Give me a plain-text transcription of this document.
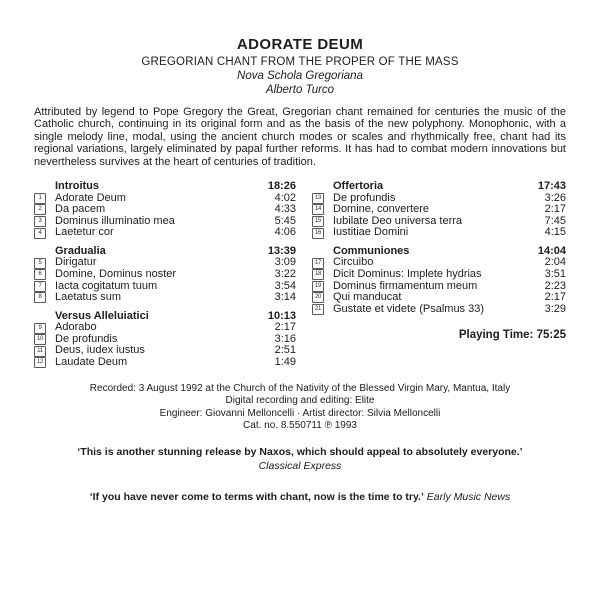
ADORATE DEUM
GREGORIAN CHANT FROM THE PROPER OF THE MASS
Nova Schola Gregoriana
Alberto Turco

Attributed by legend to Pope Gregory the Great, Gregorian chant remained for centuries the music of the Catholic church, continuing in its original form and as the basis of the new polyphony. Monophonic, with a single melody line, modal, using the ancient church modes or scales and rhythmically free, chant had its regional variations, largely eliminated by papal further reforms. It has had to combat modern innovations but nevertheless survives at the heart of centuries of tradition.

Introitus	18:26
1	Adorate Deum	4:02
2	Da pacem	4:33
3	Dominus illuminatio mea	5:45
4	Laetetur cor	4:06
Gradualia	13:39
5	Dirigatur	3:09
6	Domine, Dominus noster	3:22
7	Iacta cogitatum tuum	3:54
8	Laetatus sum	3:14
Versus Alleluiatici	10:13
9	Adorabo	2:17
10 De profundis	3:16
11 Deus, iudex iustus	2:51
12 Laudate Deum	1:49
Offertoria	17:43
13 De profundis	3:26
14 Domine, convertere	2:17
15 Iubilate Deo universa terra	7:45
16 Iustitiae Domini	4:15
Communiones	14:04
17 Circuibo	2:04
18 Dicit Dominus: Implete hydrias	3:51
19 Dominus firmamentum meum	2:23
20 Qui manducat	2:17
21 Gustate et videte (Psalmus 33)	3:29
Playing Time: 75:25
Recorded: 3 August 1992 at the Church of the Nativity of the Blessed Virgin Mary, Mantua, Italy
Digital recording and editing: Elite
Engineer: Giovanni Melloncelli · Artist director: Silvia Melloncelli
Cat. no. 8.550711 ℗ 1993
‘This is another stunning release by Naxos, which should appeal to absolutely everyone.’
Classical Express
‘If you have never come to terms with chant, now is the time to try.’ Early Music News
